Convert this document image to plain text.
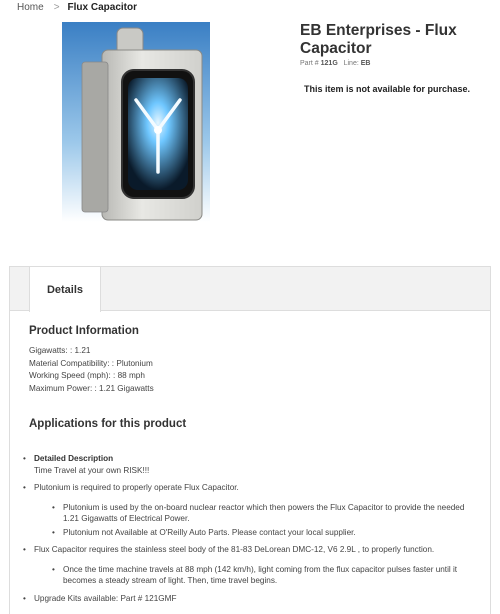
Home > Flux Capacitor
EB Enterprises - Flux Capacitor
Part # 121G Line: EB
This item is not available for purchase.
Details
Product Information
Gigawatts: : 1.21
Material Compatibility: : Plutonium
Working Speed (mph): : 88 mph
Maximum Power: : 1.21 Gigawatts
Applications for this product
• Detailed Description
Time Travel at your own RISK!!!
• Plutonium is required to properly operate Flux Capacitor.
• Plutonium is used by the on-board nuclear reactor which then powers the Flux Capacitor to provide the needed 1.21 Gigawatts of Electrical Power.
• Plutonium not Available at O'Reilly Auto Parts. Please contact your local supplier.
• Flux Capacitor requires the stainless steel body of the 81-83 DeLorean DMC-12, V6 2.9L , to properly function.
• Once the time machine travels at 88 mph (142 km/h), light coming from the flux capacitor pulses faster until it becomes a steady stream of light. Then, time travel begins.
• Upgrade Kits available: Part # 121GMF
